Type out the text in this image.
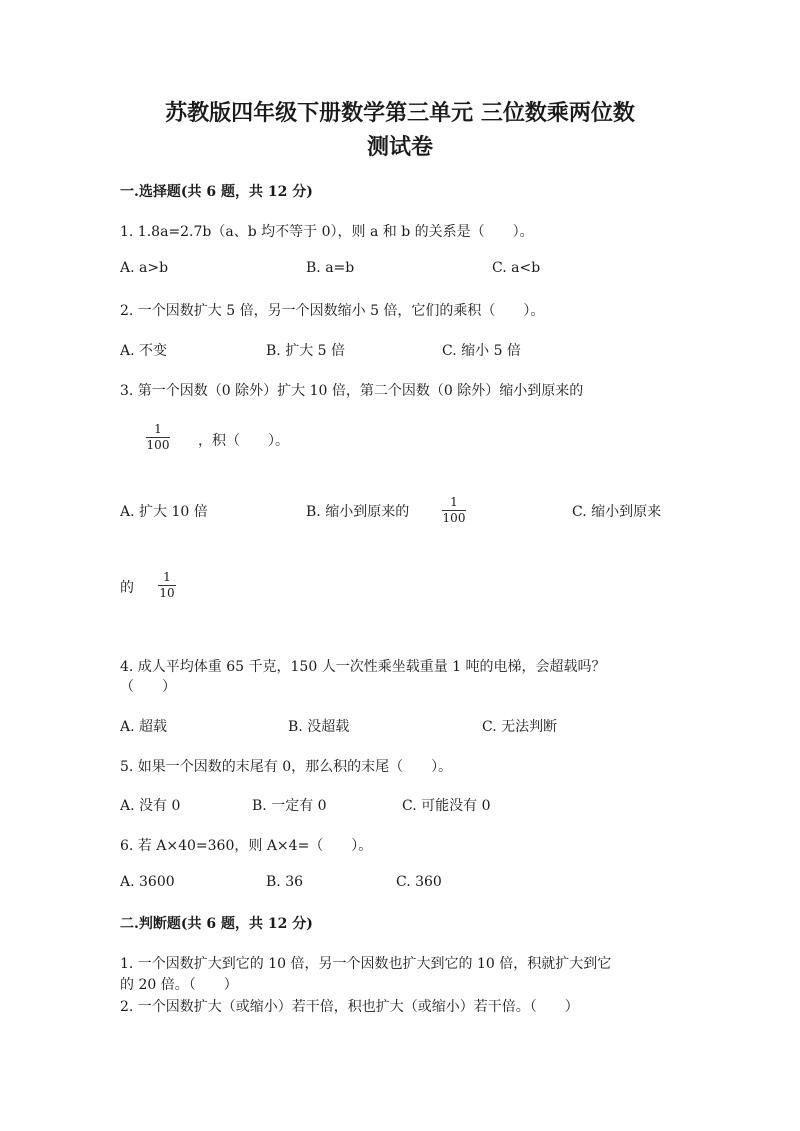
苏教版四年级下册数学第三单元 三位数乘两位数
测试卷
一.选择题(共 6 题，共 12 分)
1. 1.8a=2.7b（a、b 均不等于 0），则 a 和 b 的关系是（　　）。
A. a>b	B. a=b	C. a<b
2. 一个因数扩大 5 倍，另一个因数缩小 5 倍，它们的乘积（　　）。
A. 不变	B. 扩大 5 倍	C. 缩小 5 倍
3. 第一个因数（0 除外）扩大 10 倍，第二个因数（0 除外）缩小到原来的
1
100 ，积（　　）。
A. 扩大 10 倍	B. 缩小到原来的
1
100	C. 缩小到原来
的
1
10
4. 成人平均体重 65 千克，150 人一次性乘坐载重量 1 吨的电梯，会超载吗？
（　　）
A. 超载	B. 没超载	C. 无法判断
5. 如果一个因数的末尾有 0，那么积的末尾（　　）。
A. 没有 0	B. 一定有 0	C. 可能没有 0
6. 若 A×40=360，则 A×4=（　　）。
A. 3600	B. 36	C. 360
二.判断题(共 6 题，共 12 分)
1. 一个因数扩大到它的 10 倍，另一个因数也扩大到它的 10 倍，积就扩大到它
的 20 倍。（　　）
2. 一个因数扩大（或缩小）若干倍，积也扩大（或缩小）若干倍。（　　）
